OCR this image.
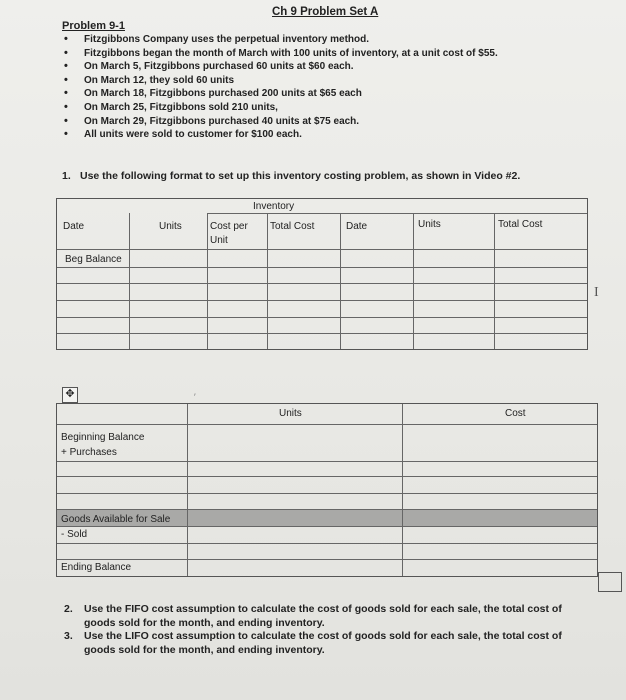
Ch 9 Problem Set A
Problem 9-1
• Fitzgibbons Company uses the perpetual inventory method.
• Fitzgibbons began the month of March with 100 units of inventory, at a unit cost of $55.
• On March 5, Fitzgibbons purchased 60 units at $60 each.
• On March 12, they sold 60 units
• On March 18, Fitzgibbons purchased 200 units at $65 each
• On March 25, Fitzgibbons sold 210 units,
• On March 29, Fitzgibbons purchased 40 units at $75 each.
• All units were sold to customer for $100 each.
1. Use the following format to set up this inventory costing problem, as shown in Video #2.
Inventory
Date	Units	Cost per
Unit
Total Cost	Date	Units	Total Cost
Beg Balance
I
✥	′
Units	Cost
Beginning Balance
+ Purchases
Goods Available for Sale
- Sold
Ending Balance
2. Use the FIFO cost assumption to calculate the cost of goods sold for each sale, the total cost of goods sold for the month, and ending inventory.
3. Use the LIFO cost assumption to calculate the cost of goods sold for each sale, the total cost of goods sold for the month, and ending inventory.
